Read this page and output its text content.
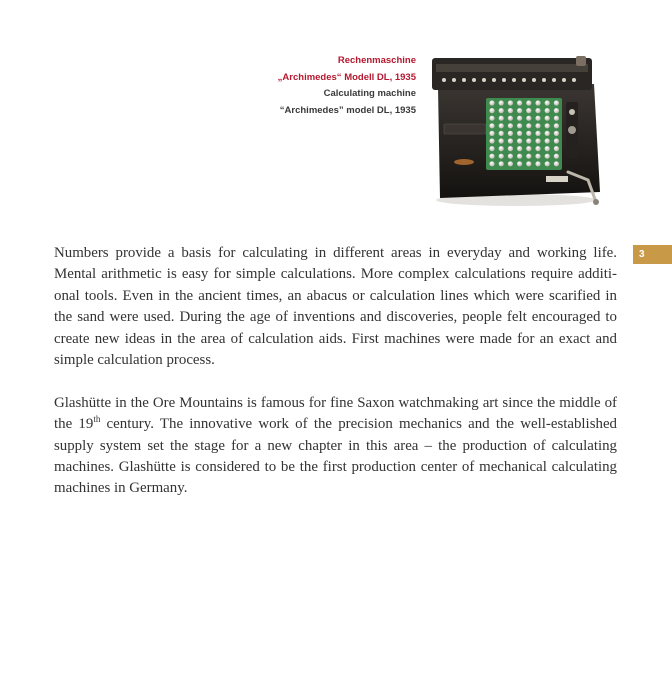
Rechenmaschine
„Archimedes“ Modell DL, 1935
Calculating machine
“Archimedes” model DL, 1935
3

Numbers provide a basis for calculating in different areas in everyday and working life. Mental arithmetic is easy for simple calculations. More complex calculations require additional tools. Even in the ancient times, an abacus or calculation lines which were scarified in the sand were used. During the age of inventions and discoveries, people felt encouraged to create new ideas in the area of calculation aids. First machines were made for an exact and simple calculation process.

Glashütte in the Ore Mountains is famous for fine Saxon watchmaking art since the middle of the 19th century. The innovative work of the precision mechanics and the well-established supply system set the stage for a new chapter in this area – the production of calculating machines. Glashütte is considered to be the first production center of mechanical calculating machines in Germany.
